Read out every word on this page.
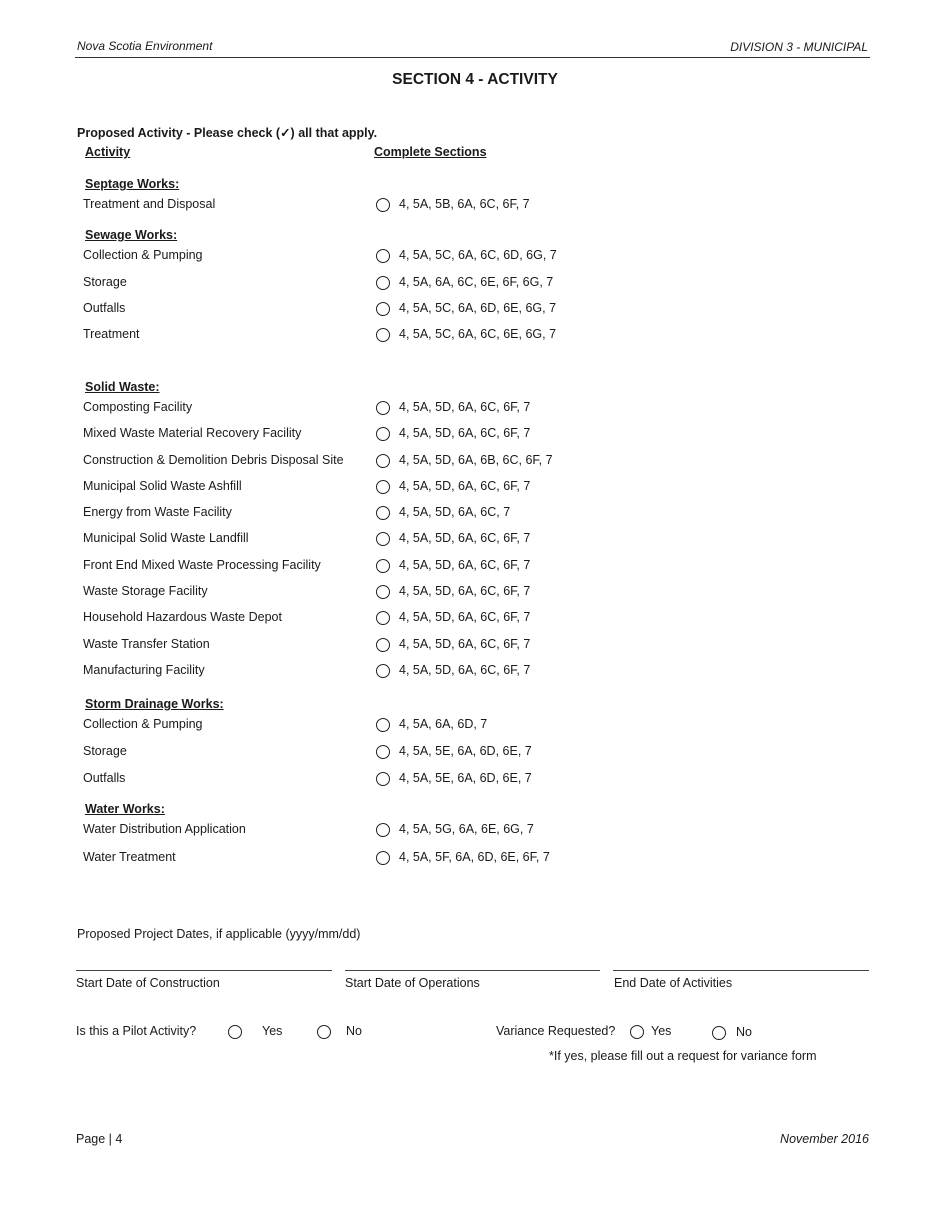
Nova Scotia Environment	DIVISION 3 - MUNICIPAL
SECTION 4 - ACTIVITY
Proposed Activity - Please check (✓) all that apply.
Activity	Complete Sections
Septage Works:
Treatment and Disposal	4, 5A, 5B, 6A, 6C, 6F, 7
Sewage Works:
Collection & Pumping	4, 5A, 5C, 6A, 6C, 6D, 6G, 7
Storage	4, 5A, 6A, 6C, 6E, 6F, 6G, 7
Outfalls	4, 5A, 5C, 6A, 6D, 6E, 6G, 7
Treatment	4, 5A, 5C, 6A, 6C, 6E, 6G, 7
Solid Waste:
Composting Facility	4, 5A, 5D, 6A, 6C, 6F, 7
Mixed Waste Material Recovery Facility	4, 5A, 5D, 6A, 6C, 6F, 7
Construction & Demolition Debris Disposal Site	4, 5A, 5D, 6A, 6B, 6C, 6F, 7
Municipal Solid Waste Ashfill	4, 5A, 5D, 6A, 6C, 6F, 7
Energy from Waste Facility	4, 5A, 5D, 6A, 6C, 7
Municipal Solid Waste Landfill	4, 5A, 5D, 6A, 6C, 6F, 7
Front End Mixed Waste Processing Facility	4, 5A, 5D, 6A, 6C, 6F, 7
Waste Storage Facility	4, 5A, 5D, 6A, 6C, 6F, 7
Household Hazardous Waste Depot	4, 5A, 5D, 6A, 6C, 6F, 7
Waste Transfer Station	4, 5A, 5D, 6A, 6C, 6F, 7
Manufacturing Facility	4, 5A, 5D, 6A, 6C, 6F, 7
Storm Drainage Works:
Collection & Pumping	4, 5A, 6A, 6D, 7
Storage	4, 5A, 5E, 6A, 6D, 6E, 7
Outfalls	4, 5A, 5E, 6A, 6D, 6E, 7
Water Works:
Water Distribution Application	4, 5A, 5G, 6A, 6E, 6G, 7
Water Treatment	4, 5A, 5F, 6A, 6D, 6E, 6F, 7
Proposed Project Dates, if applicable (yyyy/mm/dd)
Start Date of Construction	Start Date of Operations	End Date of Activities
Is this a Pilot Activity?	Yes	No	Variance Requested?	Yes	No
*If yes, please fill out a request for variance form
Page | 4	November 2016
